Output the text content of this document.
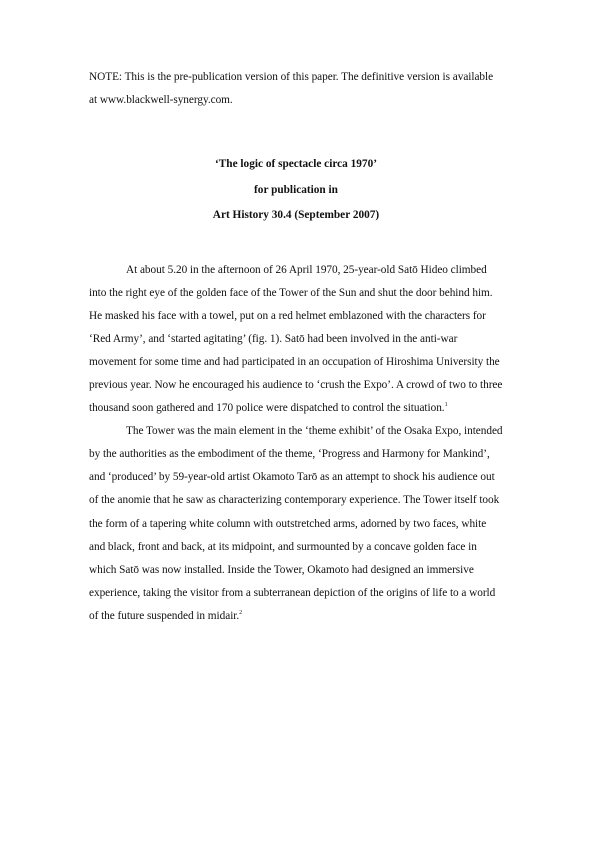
NOTE: This is the pre-publication version of this paper. The definitive version is available at www.blackwell-synergy.com.
‘The logic of spectacle circa 1970’
for publication in
Art History 30.4 (September 2007)

At about 5.20 in the afternoon of 26 April 1970, 25-year-old Satō Hideo climbed into the right eye of the golden face of the Tower of the Sun and shut the door behind him. He masked his face with a towel, put on a red helmet emblazoned with the characters for ‘Red Army’, and ‘started agitating’ (fig. 1). Satō had been involved in the anti-war movement for some time and had participated in an occupation of Hiroshima University the previous year. Now he encouraged his audience to ‘crush the Expo’. A crowd of two to three thousand soon gathered and 170 police were dispatched to control the situation.$^1$

The Tower was the main element in the ‘theme exhibit’ of the Osaka Expo, intended by the authorities as the embodiment of the theme, ‘Progress and Harmony for Mankind’, and ‘produced’ by 59-year-old artist Okamoto Tarō as an attempt to shock his audience out of the anomie that he saw as characterizing contemporary experience. The Tower itself took the form of a tapering white column with outstretched arms, adorned by two faces, white and black, front and back, at its midpoint, and surmounted by a concave golden face in which Satō was now installed. Inside the Tower, Okamoto had designed an immersive experience, taking the visitor from a subterranean depiction of the origins of life to a world of the future suspended in midair.$^2$
